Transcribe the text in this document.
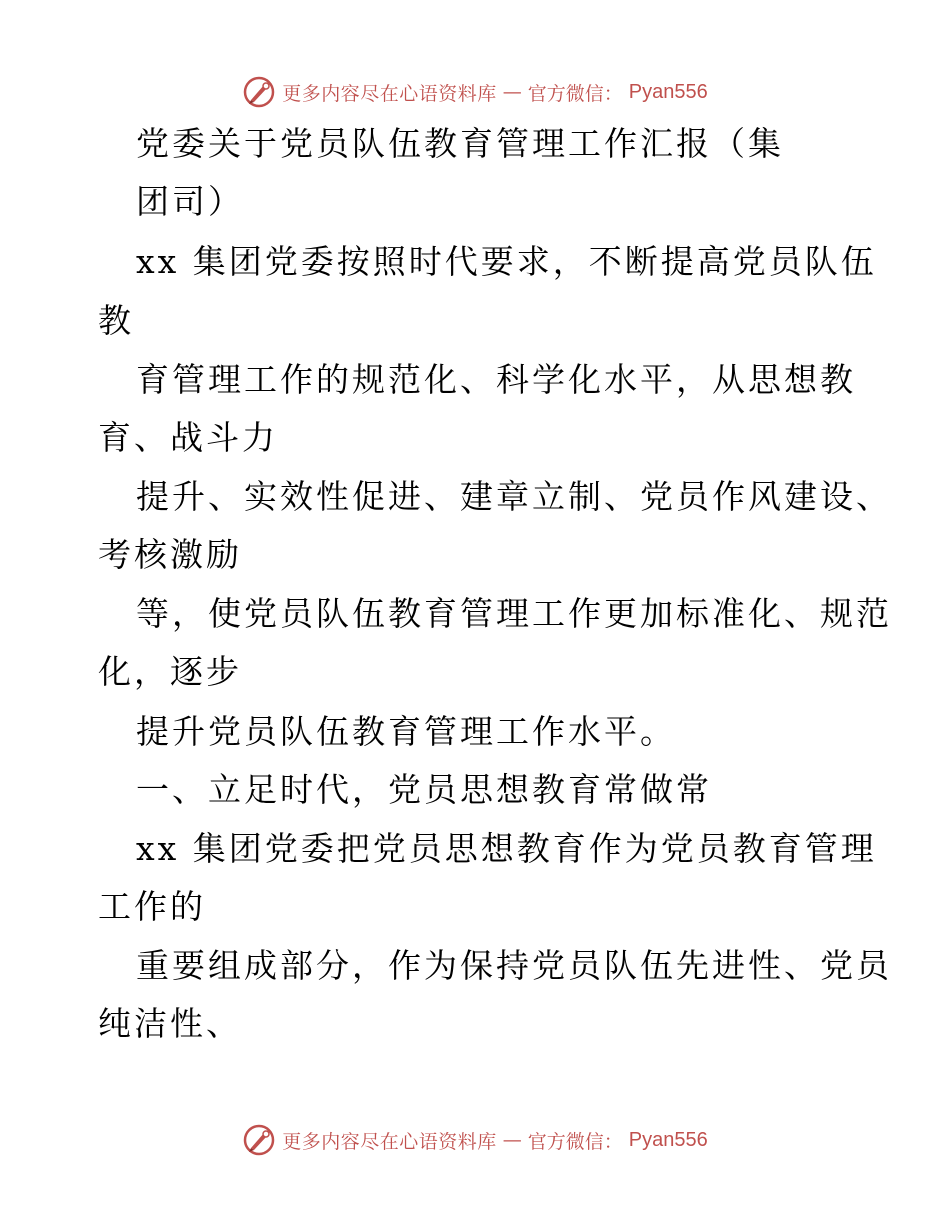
更多内容尽在心语资料库 — 官方微信： Pyan556
党委关于党员队伍教育管理工作汇报（集
团司）
xx 集团党委按照时代要求，不断提高党员队伍
教
育管理工作的规范化、科学化水平，从思想教
育、战斗力
提升、实效性促进、建章立制、党员作风建设、
考核激励
等，使党员队伍教育管理工作更加标准化、规范
化，逐步
提升党员队伍教育管理工作水平。
一、立足时代，党员思想教育常做常
xx 集团党委把党员思想教育作为党员教育管理
工作的
重要组成部分，作为保持党员队伍先进性、党员
纯洁性、
更多内容尽在心语资料库 — 官方微信： Pyan556
